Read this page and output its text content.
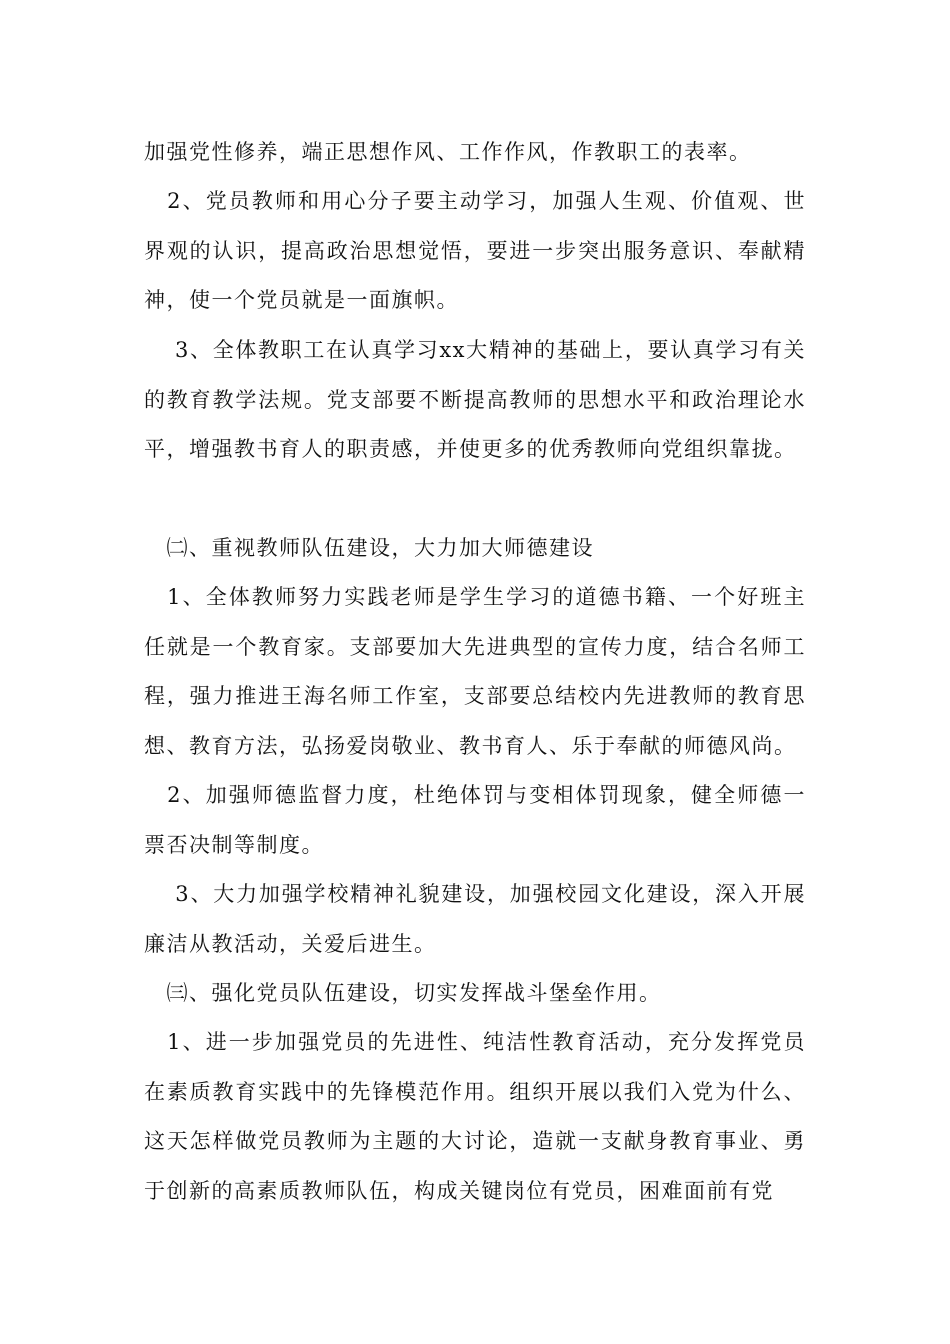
加强党性修养，端正思想作风、工作作风，作教职工的表率。

　2、党员教师和用心分子要主动学习，加强人生观、价值观、世界观的认识，提高政治思想觉悟，要进一步突出服务意识、奉献精神，使一个党员就是一面旗帜。

　 3、全体教职工在认真学习xx大精神的基础上，要认真学习有关的教育教学法规。党支部要不断提高教师的思想水平和政治理论水平，增强教书育人的职责感，并使更多的优秀教师向党组织靠拢。

　㈡、重视教师队伍建设，大力加大师德建设

　1、全体教师努力实践老师是学生学习的道德书籍、一个好班主任就是一个教育家。支部要加大先进典型的宣传力度，结合名师工程，强力推进王海名师工作室，支部要总结校内先进教师的教育思想、教育方法，弘扬爱岗敬业、教书育人、乐于奉献的师德风尚。

　2、加强师德监督力度，杜绝体罚与变相体罚现象，健全师德一票否决制等制度。

　 3、大力加强学校精神礼貌建设，加强校园文化建设，深入开展廉洁从教活动，关爱后进生。

　㈢、强化党员队伍建设，切实发挥战斗堡垒作用。

　1、进一步加强党员的先进性、纯洁性教育活动，充分发挥党员在素质教育实践中的先锋模范作用。组织开展以我们入党为什么、这天怎样做党员教师为主题的大讨论，造就一支献身教育事业、勇于创新的高素质教师队伍，构成关键岗位有党员，困难面前有党
